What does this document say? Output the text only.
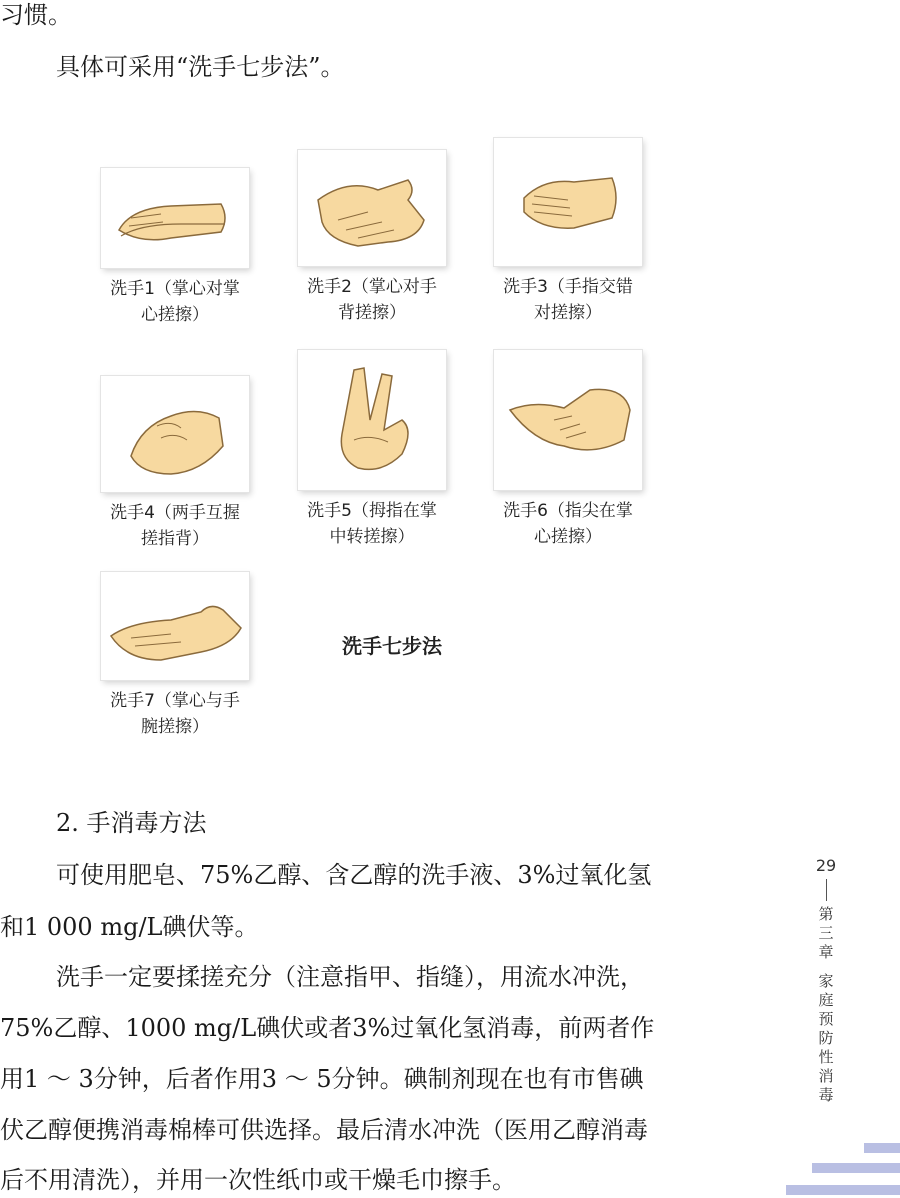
习惯。
具体可采用“洗手七步法”。
洗手1（掌心对掌
心搓擦）
洗手2（掌心对手
背搓擦）
洗手3（手指交错
对搓擦）
洗手4（两手互握
搓指背）
洗手5（拇指在掌
中转搓擦）
洗手6（指尖在掌
心搓擦）
洗手7（掌心与手
腕搓擦）
洗手七步法
2. 手消毒方法
可使用肥皂、75%乙醇、含乙醇的洗手液、3%过氧化氢
和1 000 mg/L碘伏等。
洗手一定要揉搓充分（注意指甲、指缝），用流水冲洗，
75%乙醇、1000 mg/L碘伏或者3%过氧化氢消毒，前两者作
用1 ～ 3分钟，后者作用3 ～ 5分钟。碘制剂现在也有市售碘
伏乙醇便携消毒棉棒可供选择。最后清水冲洗（医用乙醇消毒
后不用清洗），并用一次性纸巾或干燥毛巾擦手。
29
第
三
章
家
庭
预
防
性
消
毒
